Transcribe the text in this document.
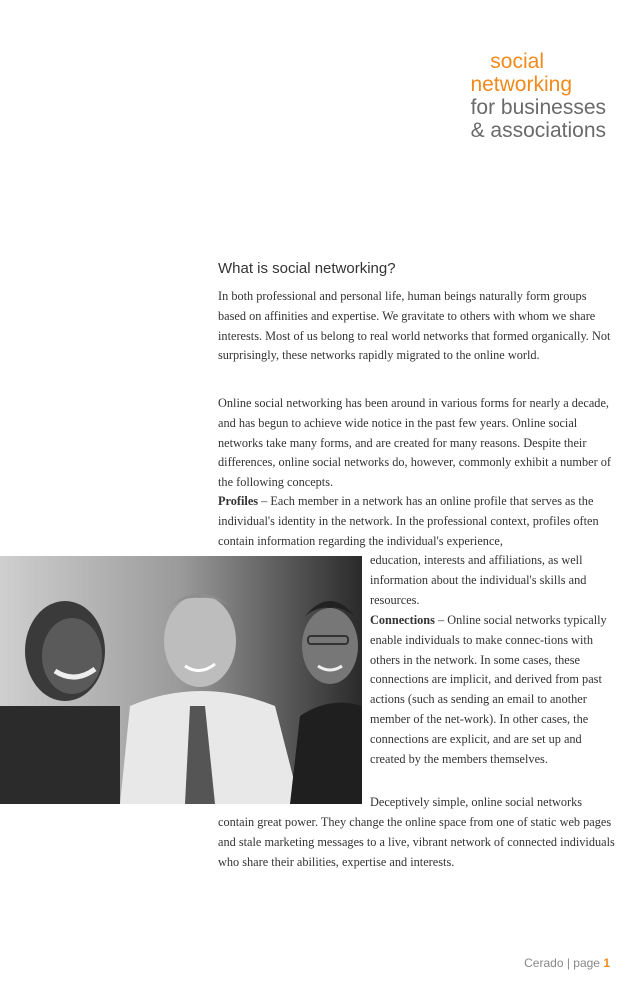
social
networking
for businesses
& associations
What is social networking?

In both professional and personal life, human beings naturally form groups based on affinities and expertise. We gravitate to others with whom we share interests. Most of us belong to real world networks that formed organically. Not surprisingly, these networks rapidly migrated to the online world.

Online social networking has been around in various forms for nearly a decade, and has begun to achieve wide notice in the past few years. Online social networks take many forms, and are created for many reasons. Despite their differences, online social networks do, however, commonly exhibit a number of the following concepts.

Profiles – Each member in a network has an online profile that serves as the individual's identity in the network. In the professional context, profiles often contain information regarding the individual's experience,

education, interests and affiliations, as well information about the individual's skills and resources.

Connections – Online social networks typically enable individuals to make connec-tions with others in the network. In some cases, these connections are implicit, and derived from past actions (such as sending an email to another member of the net-work). In other cases, the connections are explicit, and are set up and created by the members themselves.

Deceptively simple, online social networks

contain great power. They change the online space from one of static web pages and stale marketing messages to a live, vibrant network of connected individuals who share their abilities, expertise and interests.

Cerado | page 1
